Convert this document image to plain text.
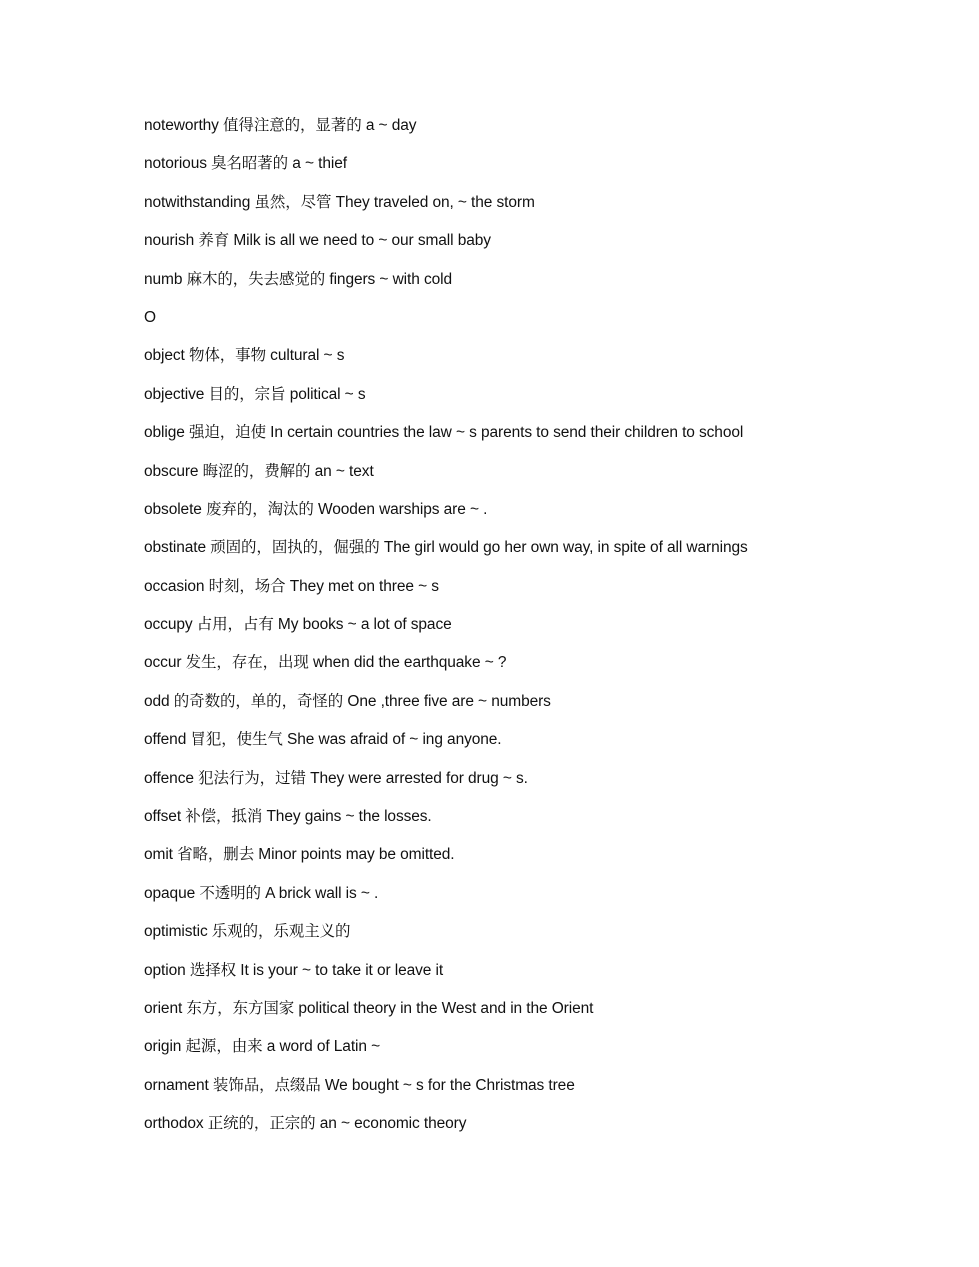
noteworthy 值得注意的，显著的 a ~ day
notorious 臭名昭著的 a ~ thief
notwithstanding 虽然，尽管 They traveled on, ~ the storm
nourish 养育 Milk is all we need to ~ our small baby
numb 麻木的，失去感觉的 fingers ~ with cold
O
object 物体，事物 cultural ~ s
objective 目的，宗旨 political ~ s
oblige 强迫，迫使 In certain countries the law ~ s parents to send their children to school
obscure 晦涩的，费解的 an ~ text
obsolete 废弃的，淘汰的 Wooden warships are ~ .
obstinate 顽固的，固执的，倔强的 The girl would go her own way, in spite of all warnings
occasion 时刻，场合 They met on three ~ s
occupy 占用，占有 My books ~ a lot of space
occur 发生，存在，出现 when did the earthquake ~ ?
odd 的奇数的，单的，奇怪的 One ,three five are ~ numbers
offend 冒犯，使生气 She was afraid of ~ ing anyone.
offence 犯法行为，过错 They were arrested for drug ~ s.
offset 补偿，抵消 They gains ~ the losses.
omit 省略，删去 Minor points may be omitted.
opaque 不透明的 A brick wall is ~ .
optimistic 乐观的，乐观主义的
option 选择权 It is your ~ to take it or leave it
orient 东方，东方国家 political theory in the West and in the Orient
origin 起源，由来 a word of Latin ~
ornament 装饰品，点缀品 We bought ~ s for the Christmas tree
orthodox 正统的，正宗的 an ~ economic theory
